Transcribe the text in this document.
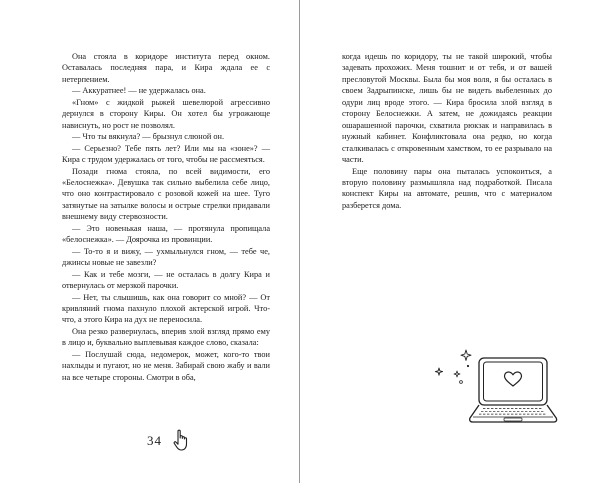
Она стояла в коридоре института перед окном. Оставалась последняя пара, и Кира ждала ее с нетерпением.

— Аккуратнее! — не удержалась она.

«Гном» с жидкой рыжей шевелюрой агрессивно дернулся в сторону Киры. Он хотел бы угрожающе нависнуть, но рост не позволял.

— Что ты вякнула? — брызнул слюной он.

— Серьезно? Тебе пять лет? Или мы на «зоне»? — Кира с трудом удержалась от того, чтобы не рассмеяться.

Позади гнома стояла, по всей видимости, его «Белоснежка». Девушка так сильно выбелила себе лицо, что оно контрастировало с розовой кожей на шее. Туго затянутые на затылке волосы и острые стрелки придавали внешнему виду стервозности.

— Это новенькая наша, — протянула пропищала «белоснежка». — Доярочка из провинции.

— То-то я и вижу, — ухмыльнулся гном, — тебе че, джинсы новые не завезли?

— Как и тебе мозги, — не осталась в долгу Кира и отвернулась от мерзкой парочки.

— Нет, ты слышишь, как она говорит со мной? — От кривляний гнома пахнуло плохой актерской игрой. Что-что, а этого Кира на дух не переносила.

Она резко развернулась, вперив злой взгляд прямо ему в лицо и, буквально выплевывая каждое слово, сказала:

— Послушай сюда, недомерок, может, кого-то твои нахлыды и пугают, но не меня. Забирай свою жабу и вали на все четыре стороны. Смотри в оба,

34

когда идешь по коридору, ты не такой широкий, чтобы задевать прохожих. Меня тошнит и от тебя, и от вашей пресловутой Москвы. Была бы моя воля, я бы осталась в своем Задрыпинске, лишь бы не видеть выбеленных до одури лиц вроде этого. — Кира бросила злой взгляд в сторону Белоснежки. А затем, не дожидаясь реакции ошарашенной парочки, схватила рюкзак и направилась в нужный кабинет. Конфликтовала она редко, но когда сталкивалась с откровенным хамством, то ее разрывало на части.

Еще половину пары она пыталась успокоиться, а вторую половину размышляла над подработкой. Писала конспект Киры на автомате, решив, что с материалом разберется дома.
